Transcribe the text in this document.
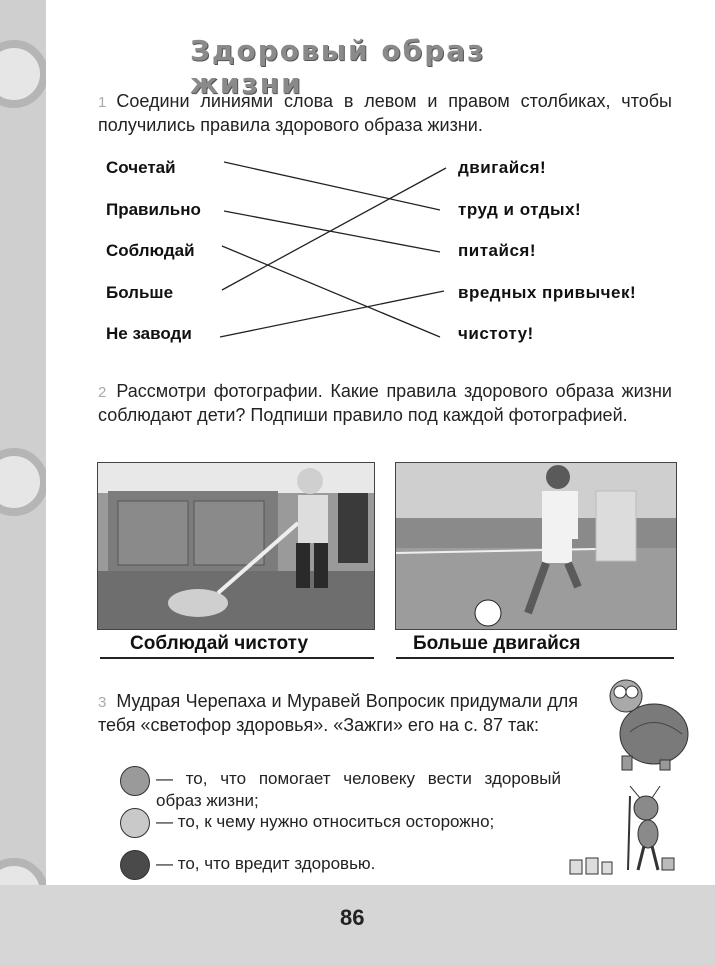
Здоровый образ жизни
1 Соедини линиями слова в левом и правом столбиках, чтобы получились правила здорового образа жизни.
Сочетай
Правильно
Соблюдай
Больше
Не заводи
двигайся!
труд и отдых!
питайся!
вредных привычек!
чистоту!
2 Рассмотри фотографии. Какие правила здорового образа жизни соблюдают дети? Подпиши правило под каждой фотографией.
Соблюдай чистоту	Больше двигайся
3 Мудрая Черепаха и Муравей Вопросик придумали для тебя «светофор здоровья». «Зажги» его на с. 87 так:
— то, что помогает человеку вести здоровый образ жизни;
— то, к чему нужно относиться осторожно;
— то, что вредит здоровью.
86
